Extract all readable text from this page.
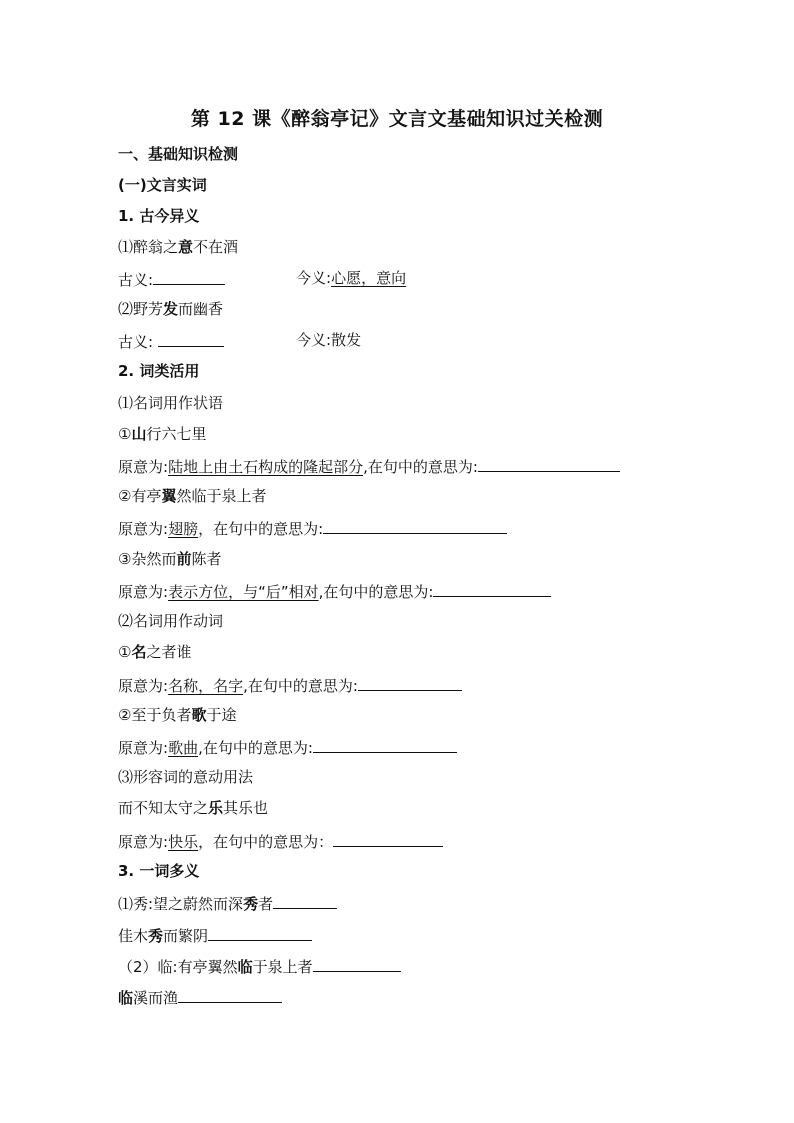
第 12 课《醉翁亭记》文言文基础知识过关检测
一、基础知识检测
(一)文言实词
1. 古今异义
⑴醉翁之意不在酒
古义:	今义:心愿，意向
⑵野芳发而幽香
古义:	今义:散发
2. 词类活用
⑴名词用作状语
①山行六七里
原意为:陆地上由土石构成的隆起部分,在句中的意思为:
②有亭翼然临于泉上者
原意为:翅膀，在句中的意思为:
③杂然而前陈者
原意为:表示方位，与“后”相对,在句中的意思为:
⑵名词用作动词
①名之者谁
原意为:名称，名字,在句中的意思为:
②至于负者歌于途
原意为:歌曲,在句中的意思为:
⑶形容词的意动用法
而不知太守之乐其乐也
原意为:快乐，在句中的意思为：
3. 一词多义
⑴秀:望之蔚然而深秀者
佳木秀而繁阴
（2）临:有亭翼然临于泉上者
临溪而渔
